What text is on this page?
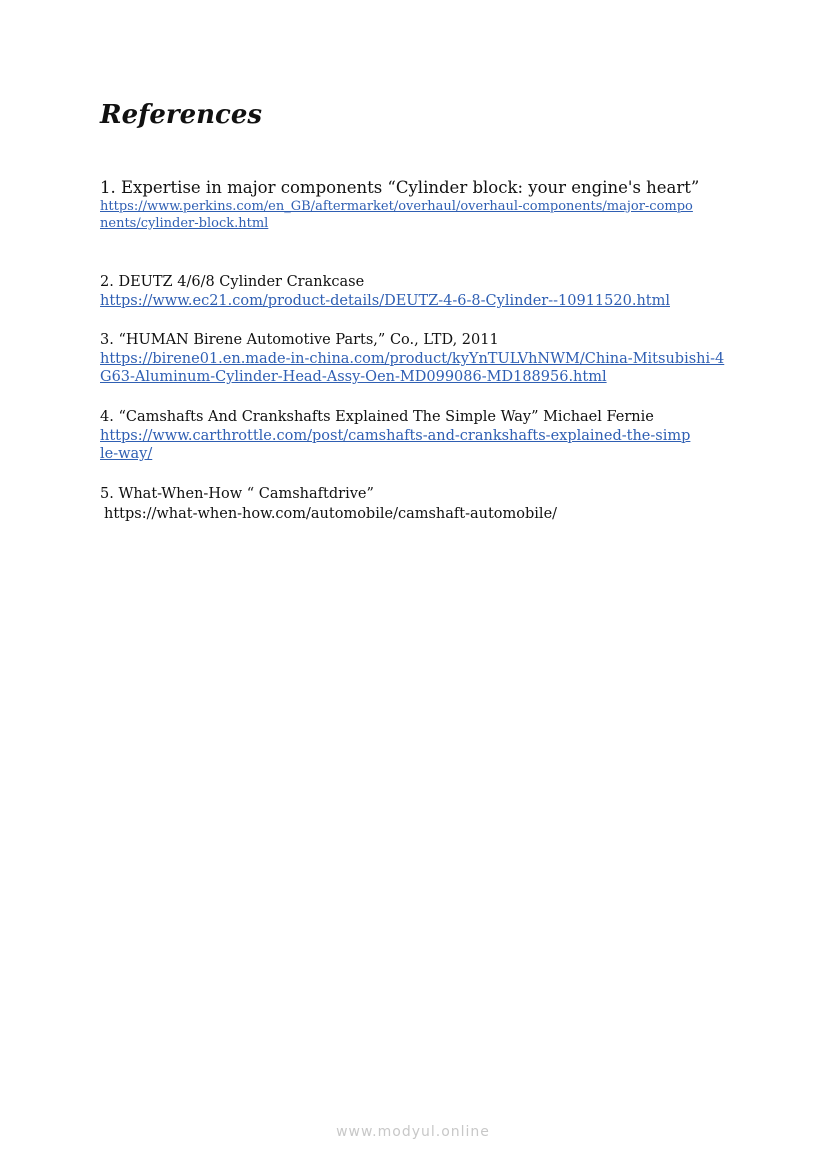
References
1. Expertise in major components “Cylinder block: your engine's heart”
https://www.perkins.com/en_GB/aftermarket/overhaul/overhaul-components/major-components/cylinder-block.html
2. DEUTZ 4/6/8 Cylinder Crankcase
https://www.ec21.com/product-details/DEUTZ-4-6-8-Cylinder--10911520.html
3. “HUMAN Birene Automotive Parts,” Co., LTD, 2011
https://birene01.en.made-in-china.com/product/kyYnTULVhNWM/China-Mitsubishi-4G63-Aluminum-Cylinder-Head-Assy-Oen-MD099086-MD188956.html
4. “Camshafts And Crankshafts Explained The Simple Way” Michael Fernie
https://www.carthrottle.com/post/camshafts-and-crankshafts-explained-the-simple-way/
5. What-When-How “ Camshaftdrive”
https://what-when-how.com/automobile/camshaft-automobile/
www.modyul.online
